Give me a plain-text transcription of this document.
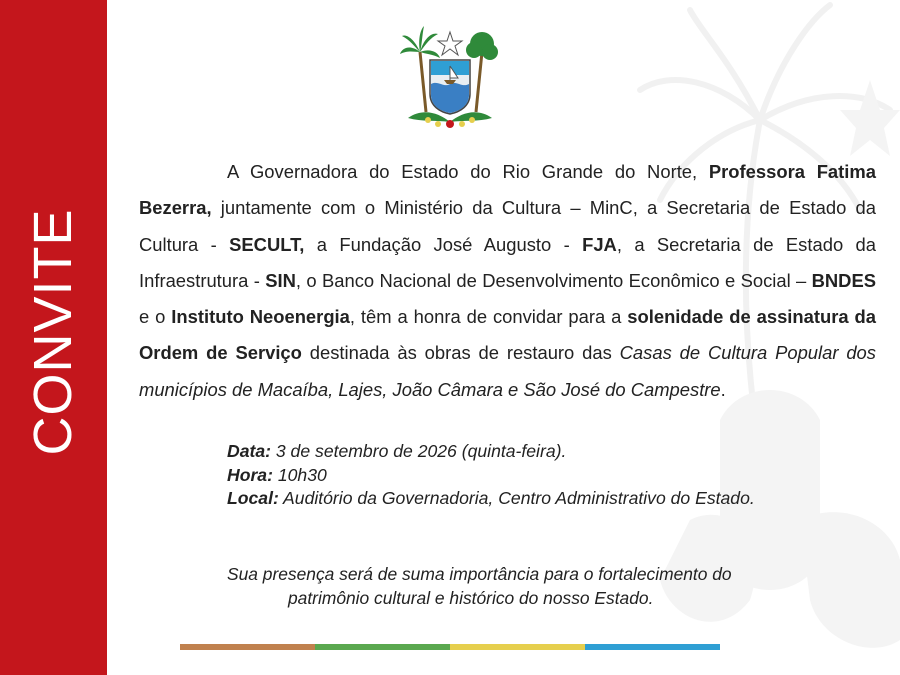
CONVITE

A Governadora do Estado do Rio Grande do Norte, Professora Fatima Bezerra, juntamente com o Ministério da Cultura – MinC, a Secretaria de Estado da Cultura - SECULT, a Fundação José Augusto - FJA, a Secretaria de Estado da Infraestrutura - SIN, o Banco Nacional de Desenvolvimento Econômico e Social – BNDES e o Instituto Neoenergia, têm a honra de convidar para a solenidade de assinatura da Ordem de Serviço destinada às obras de restauro das Casas de Cultura Popular dos municípios de Macaíba, Lajes, João Câmara e São José do Campestre.

Data: 3 de setembro de 2026 (quinta-feira).
Hora: 10h30
Local: Auditório da Governadoria, Centro Administrativo do Estado.
Sua presença será de suma importância para o fortalecimento do
patrimônio cultural e histórico do nosso Estado.
